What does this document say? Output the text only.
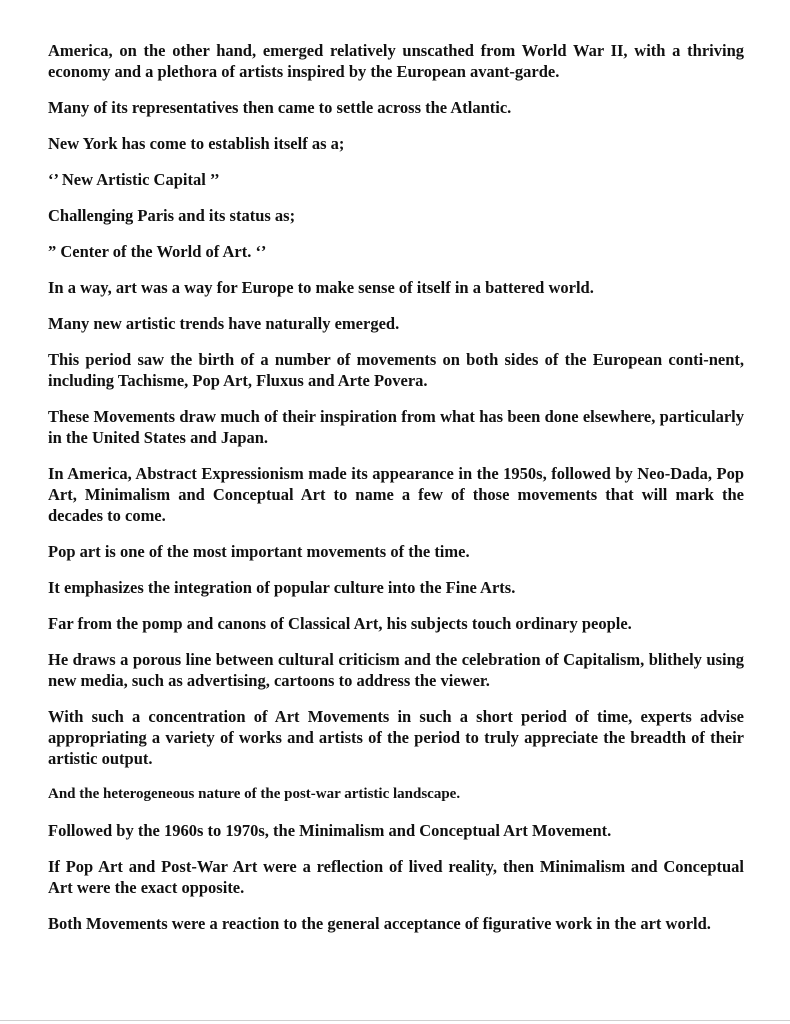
America, on the other hand, emerged relatively unscathed from World War II, with a thriving economy and a plethora of artists inspired by the European avant-garde.

Many of its representatives then came to settle across the Atlantic.

New York has come to establish itself as a;

‘’ New Artistic Capital ’’

Challenging Paris and its status as;

” Center of the World of Art. ‘’

In a way, art was a way for Europe to make sense of itself in a battered world.

Many new artistic trends have naturally emerged.

This period saw the birth of a number of movements on both sides of the European conti-nent, including Tachisme, Pop Art, Fluxus and Arte Povera.

These Movements draw much of their inspiration from what has been done elsewhere, particularly in the United States and Japan.

In America, Abstract Expressionism made its appearance in the 1950s, followed by Neo-Dada, Pop Art, Minimalism and Conceptual Art to name a few of those movements that will mark the decades to come.

Pop art is one of the most important movements of the time.

It emphasizes the integration of popular culture into the Fine Arts.

Far from the pomp and canons of Classical Art, his subjects touch ordinary people.

He draws a porous line between cultural criticism and the celebration of Capitalism, blithely using new media, such as advertising, cartoons to address the viewer.

With such a concentration of Art Movements in such a short period of time, experts advise appropriating a variety of works and artists of the period to truly appreciate the breadth of their artistic output.

And the heterogeneous nature of the post-war artistic landscape.

Followed by the 1960s to 1970s, the Minimalism and Conceptual Art Movement.

If Pop Art and Post-War Art were a reflection of lived reality, then Minimalism and Conceptual Art were the exact opposite.

Both Movements were a reaction to the general acceptance of figurative work in the art world.
